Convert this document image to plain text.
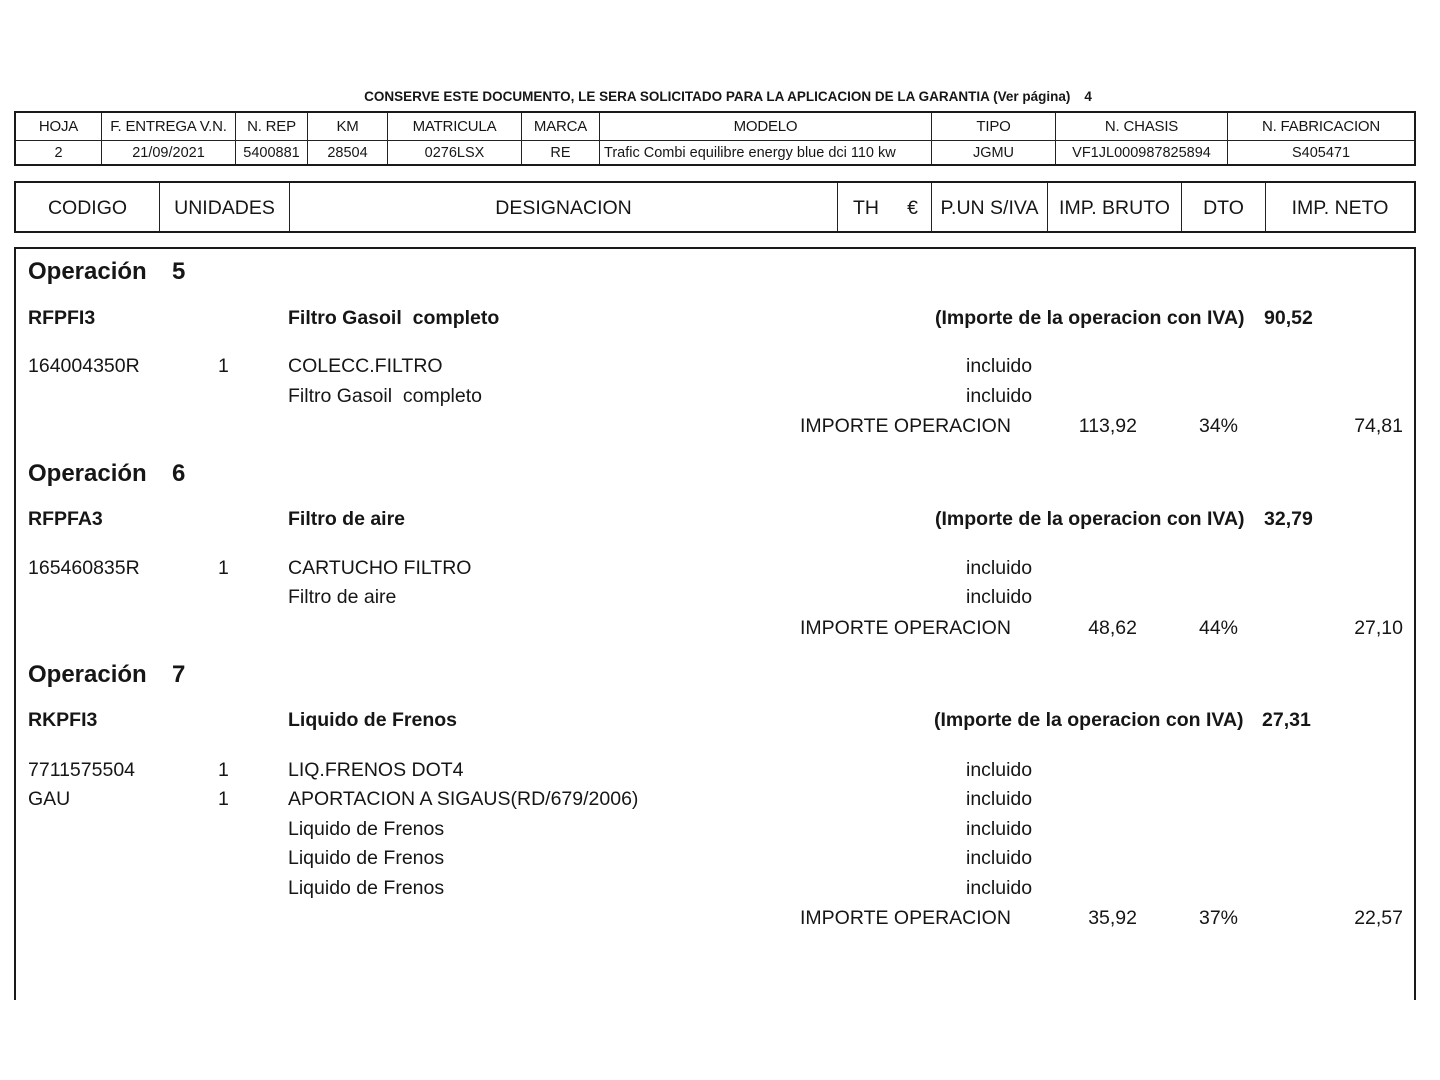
CONSERVE ESTE DOCUMENTO, LE SERA SOLICITADO PARA LA APLICACION DE LA GARANTIA (Ver página) 4
HOJA	F. ENTREGA V.N.	N. REP	KM	MATRICULA	MARCA	MODELO	TIPO	N. CHASIS	N. FABRICACION
2	21/09/2021	5400881	28504	0276LSX	RE	Trafic Combi equilibre energy blue dci 110 kw	JGMU	VF1JL000987825894	S405471
CODIGO	UNIDADES	DESIGNACION	TH	€	P.UN S/IVA	IMP. BRUTO	DTO	IMP. NETO
Operación 5
RFPFI3	Filtro Gasoil  completo	(Importe de la operacion con IVA) 90,52
164004350R	1	COLECC.FILTRO	incluido
Filtro Gasoil  completo	incluido
IMPORTE OPERACION	113,92	34%	74,81
Operación 6
RFPFA3	Filtro de aire	(Importe de la operacion con IVA) 32,79
165460835R	1	CARTUCHO FILTRO	incluido
Filtro de aire	incluido
IMPORTE OPERACION	48,62	44%	27,10
Operación 7
RKPFI3	Liquido de Frenos	(Importe de la operacion con IVA) 27,31
7711575504	1	LIQ.FRENOS DOT4	incluido
GAU	1	APORTACION A SIGAUS(RD/679/2006)	incluido
Liquido de Frenos	incluido
Liquido de Frenos	incluido
Liquido de Frenos	incluido
IMPORTE OPERACION	35,92	37%	22,57
